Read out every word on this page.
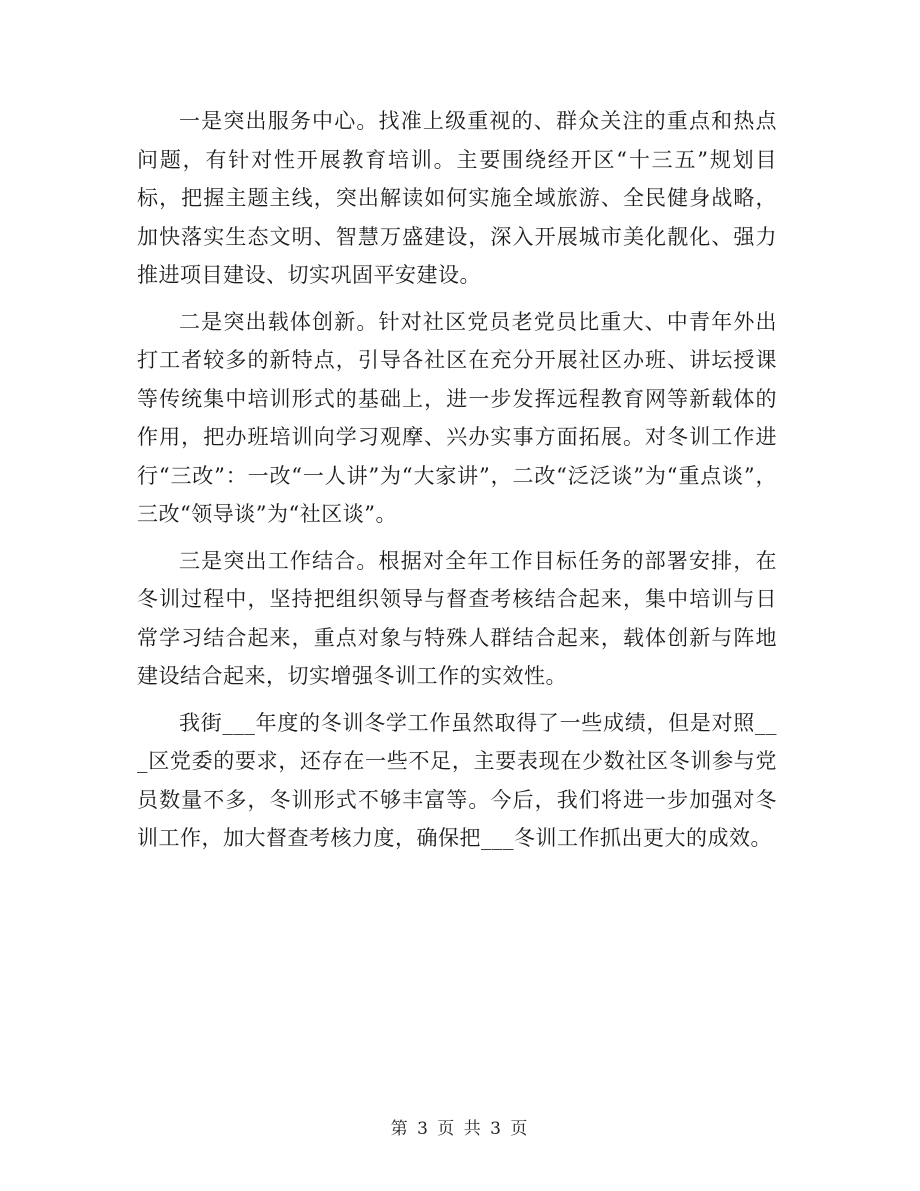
一是突出服务中心。找准上级重视的、群众关注的重点和热点问题，有针对性开展教育培训。主要围绕经开区“十三五”规划目标，把握主题主线，突出解读如何实施全域旅游、全民健身战略，加快落实生态文明、智慧万盛建设，深入开展城市美化靓化、强力推进项目建设、切实巩固平安建设。

二是突出载体创新。针对社区党员老党员比重大、中青年外出打工者较多的新特点，引导各社区在充分开展社区办班、讲坛授课等传统集中培训形式的基础上，进一步发挥远程教育网等新载体的作用，把办班培训向学习观摩、兴办实事方面拓展。对冬训工作进行“三改”：一改“一人讲”为“大家讲”，二改“泛泛谈”为“重点谈”，三改“领导谈”为“社区谈”。

三是突出工作结合。根据对全年工作目标任务的部署安排，在冬训过程中，坚持把组织领导与督查考核结合起来，集中培训与日常学习结合起来，重点对象与特殊人群结合起来，载体创新与阵地建设结合起来，切实增强冬训工作的实效性。

我街___年度的冬训冬学工作虽然取得了一些成绩，但是对照___区党委的要求，还存在一些不足，主要表现在少数社区冬训参与党员数量不多，冬训形式不够丰富等。今后，我们将进一步加强对冬训工作，加大督查考核力度，确保把___冬训工作抓出更大的成效。

第 3 页 共 3 页
